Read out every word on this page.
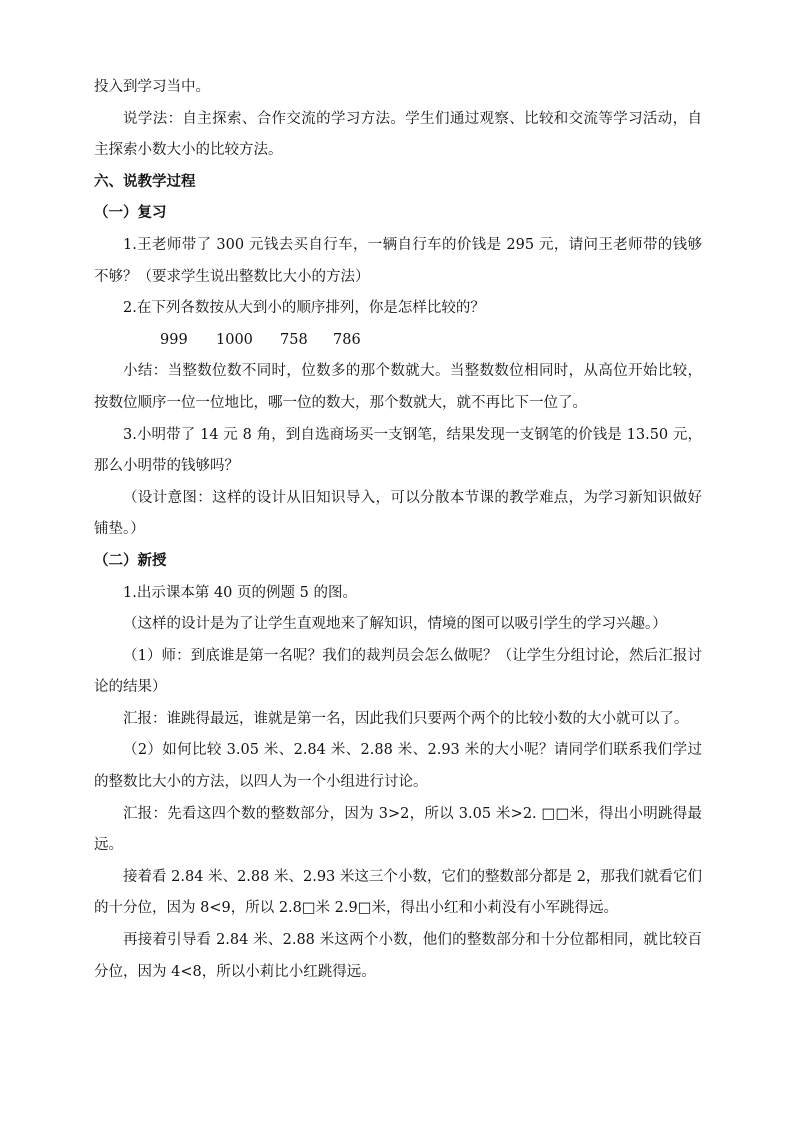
投入到学习当中。

说学法：自主探索、合作交流的学习方法。学生们通过观察、比较和交流等学习活动，自主探索小数大小的比较方法。

六、说教学过程

（一）复习

1.王老师带了 300 元钱去买自行车，一辆自行车的价钱是 295 元，请问王老师带的钱够不够？（要求学生说出整数比大小的方法）

2.在下列各数按从大到小的顺序排列，你是怎样比较的？

999 1000 758 786

小结：当整数位数不同时，位数多的那个数就大。当整数数位相同时，从高位开始比较，按数位顺序一位一位地比，哪一位的数大，那个数就大，就不再比下一位了。

3.小明带了 14 元 8 角，到自选商场买一支钢笔，结果发现一支钢笔的价钱是 13.50 元，那么小明带的钱够吗？

（设计意图：这样的设计从旧知识导入，可以分散本节课的教学难点，为学习新知识做好铺垫。）

（二）新授

1.出示课本第 40 页的例题 5 的图。

（这样的设计是为了让学生直观地来了解知识，情境的图可以吸引学生的学习兴趣。）

（1）师：到底谁是第一名呢？我们的裁判员会怎么做呢？（让学生分组讨论，然后汇报讨论的结果）

汇报：谁跳得最远，谁就是第一名，因此我们只要两个两个的比较小数的大小就可以了。

（2）如何比较 3.05 米、2.84 米、2.88 米、2.93 米的大小呢？请同学们联系我们学过的整数比大小的方法，以四人为一个小组进行讨论。

汇报：先看这四个数的整数部分，因为 3>2，所以 3.05 米>2. □□米，得出小明跳得最远。

接着看 2.84 米、2.88 米、2.93 米这三个小数，它们的整数部分都是 2，那我们就看它们的十分位，因为 8<9，所以 2.8□米 2.9□米，得出小红和小莉没有小军跳得远。

再接着引导看 2.84 米、2.88 米这两个小数，他们的整数部分和十分位都相同，就比较百分位，因为 4<8，所以小莉比小红跳得远。
